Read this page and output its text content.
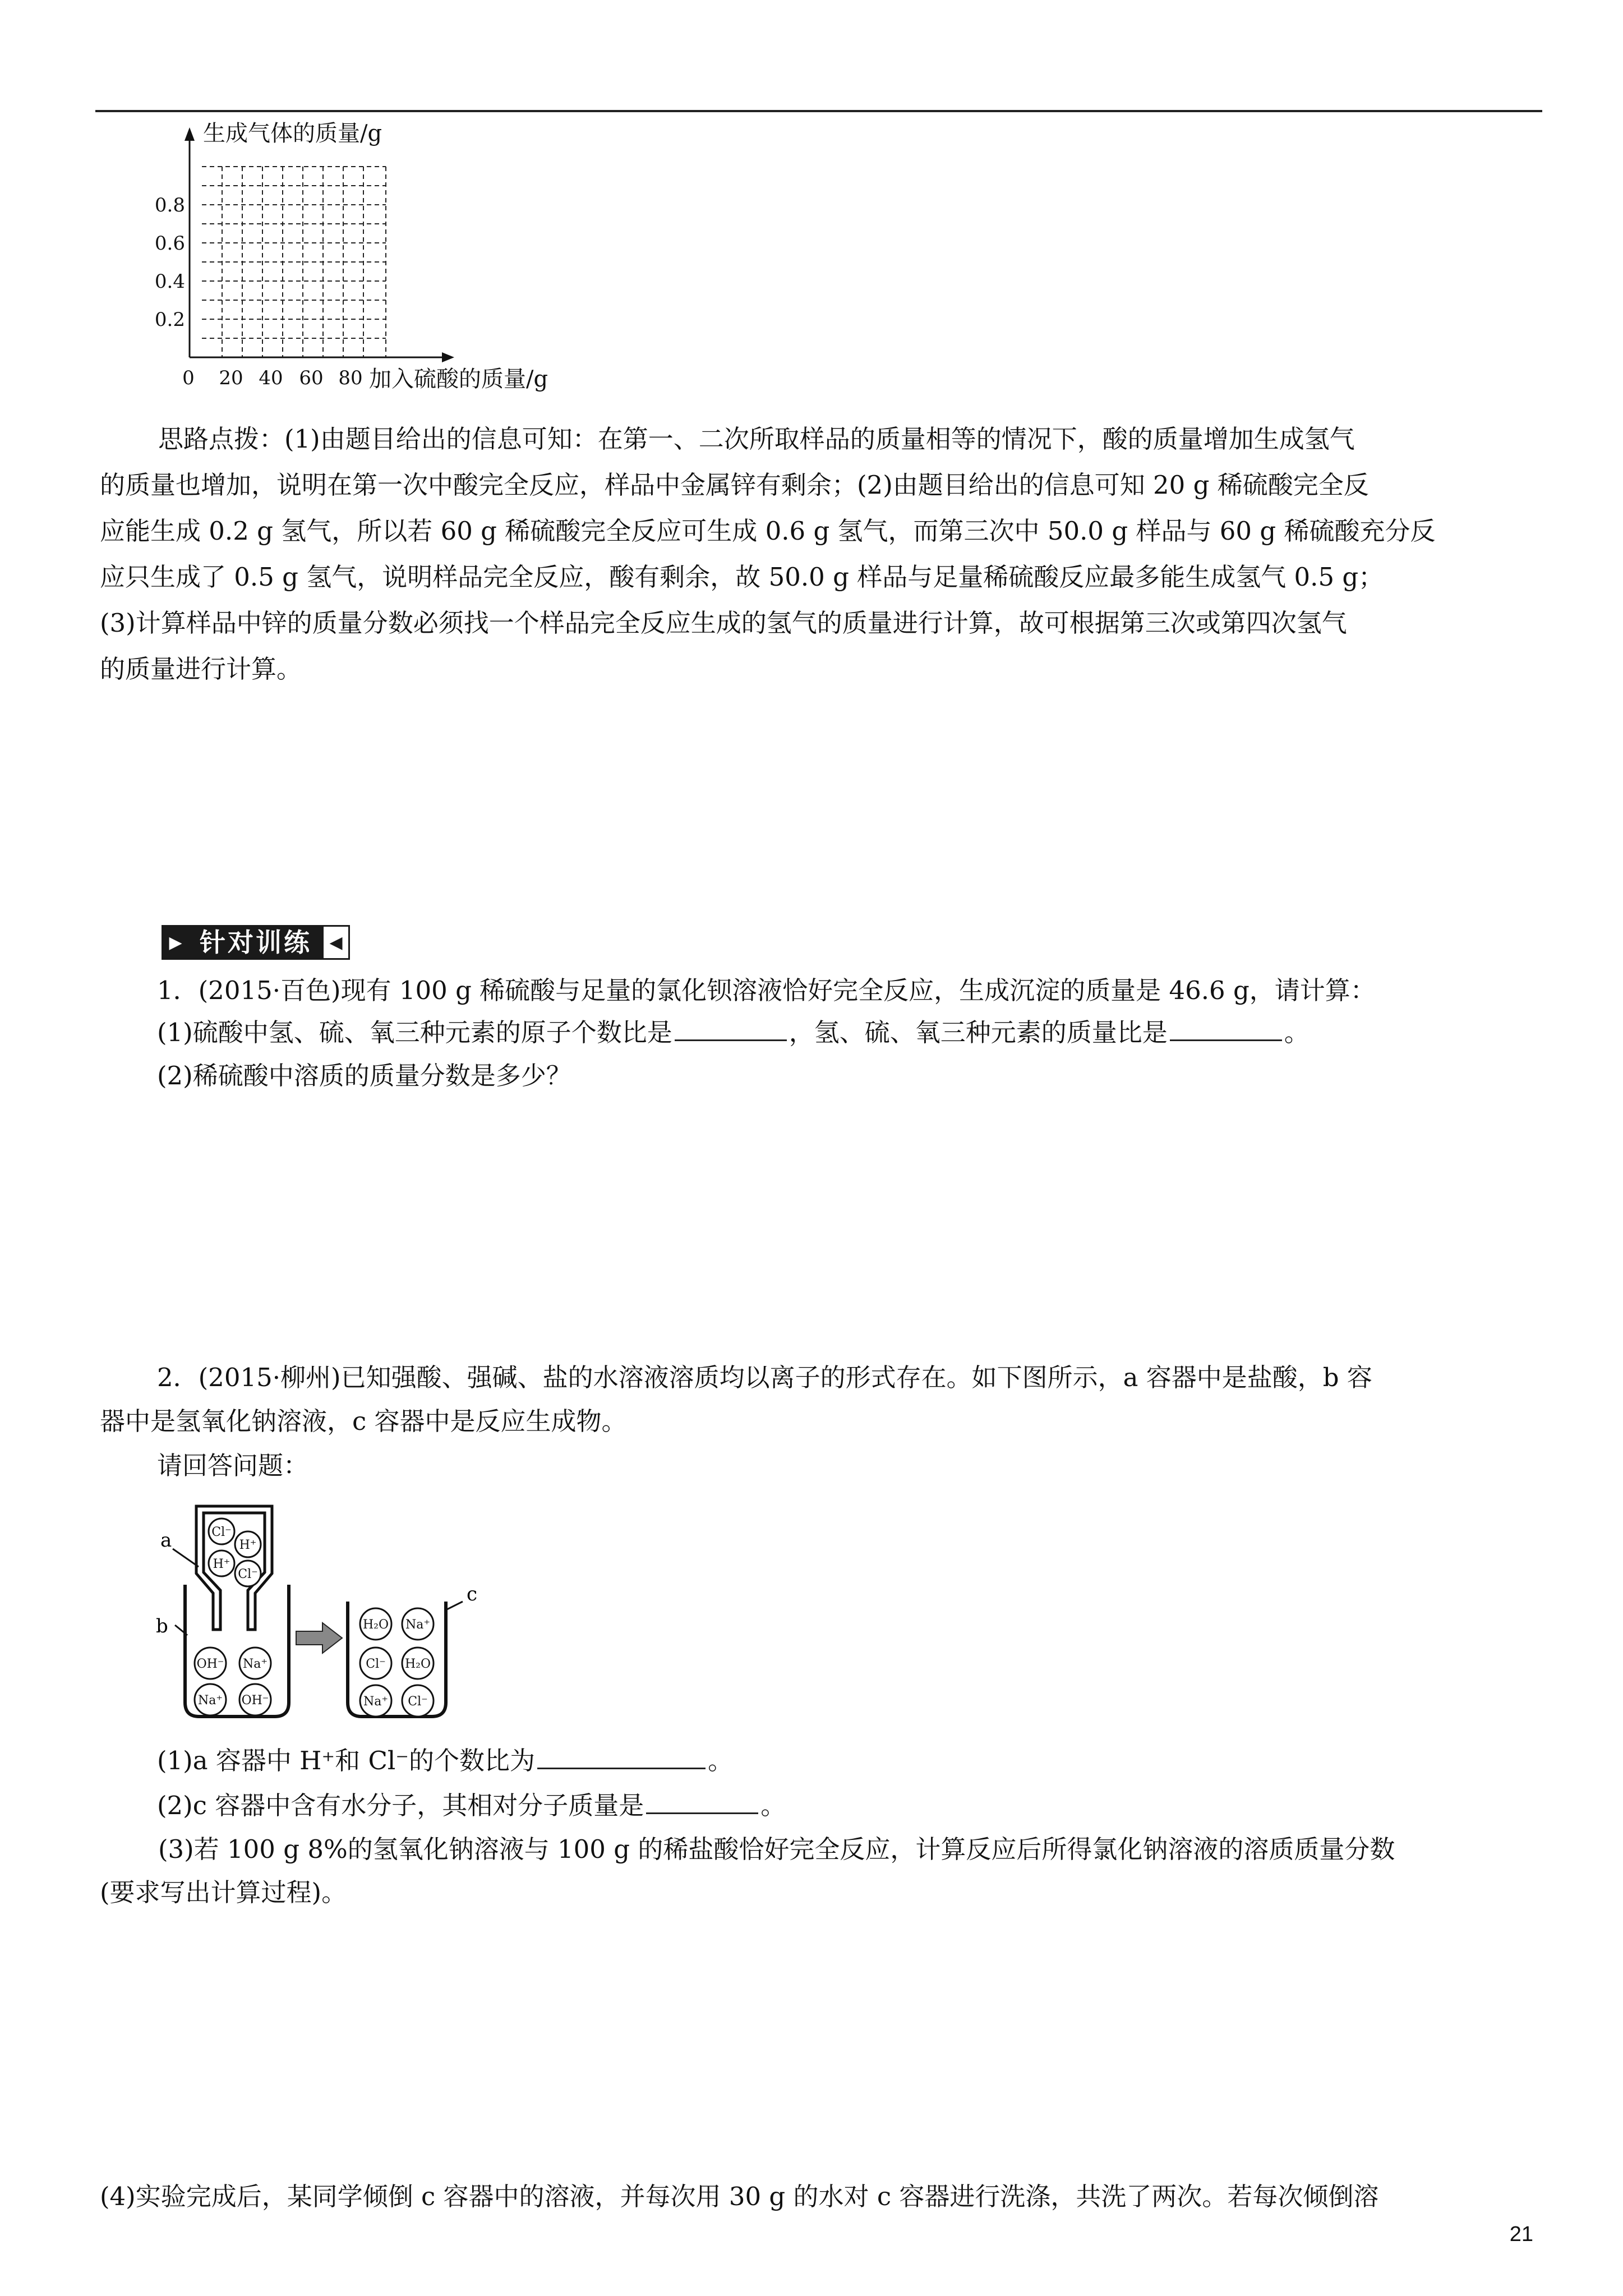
0.8
0.6
0.4
0.2
0 20 40 60 80
生成气体的质量/g
加入硫酸的质量/g
思路点拨：(1)由题目给出的信息可知：在第一、二次所取样品的质量相等的情况下，酸的质量增加生成氢气
的质量也增加，说明在第一次中酸完全反应，样品中金属锌有剩余；(2)由题目给出的信息可知 20 g 稀硫酸完全反
应能生成 0.2 g 氢气，所以若 60 g 稀硫酸完全反应可生成 0.6 g 氢气，而第三次中 50.0 g 样品与 60 g 稀硫酸充分反
应只生成了 0.5 g 氢气，说明样品完全反应，酸有剩余，故 50.0 g 样品与足量稀硫酸反应最多能生成氢气 0.5 g；
(3)计算样品中锌的质量分数必须找一个样品完全反应生成的氢气的质量进行计算，故可根据第三次或第四次氢气
的质量进行计算。
▶ 针对训练	◀
1．(2015·百色)现有 100 g 稀硫酸与足量的氯化钡溶液恰好完全反应，生成沉淀的质量是 46.6 g，请计算：
(1)硫酸中氢、硫、氧三种元素的原子个数比是	，氢、硫、氧三种元素的质量比是	。
(2)稀硫酸中溶质的质量分数是多少？
2．(2015·柳州)已知强酸、强碱、盐的水溶液溶质均以离子的形式存在。如下图所示，a 容器中是盐酸，b 容
器中是氢氧化钠溶液，c 容器中是反应生成物。
请回答问题：
a
b
c
Cl⁻
H⁺
H⁺
Cl⁻
OH⁻ Na⁺
Na⁺ OH⁻
H₂O Na⁺
Cl⁻ H₂O
Na⁺ Cl⁻
(1)a 容器中 H⁺和 Cl⁻的个数比为	。
(2)c 容器中含有水分子，其相对分子质量是	。
(3)若 100 g 8%的氢氧化钠溶液与 100 g 的稀盐酸恰好完全反应，计算反应后所得氯化钠溶液的溶质质量分数
(要求写出计算过程)。
(4)实验完成后，某同学倾倒 c 容器中的溶液，并每次用 30 g 的水对 c 容器进行洗涤，共洗了两次。若每次倾倒溶
21
